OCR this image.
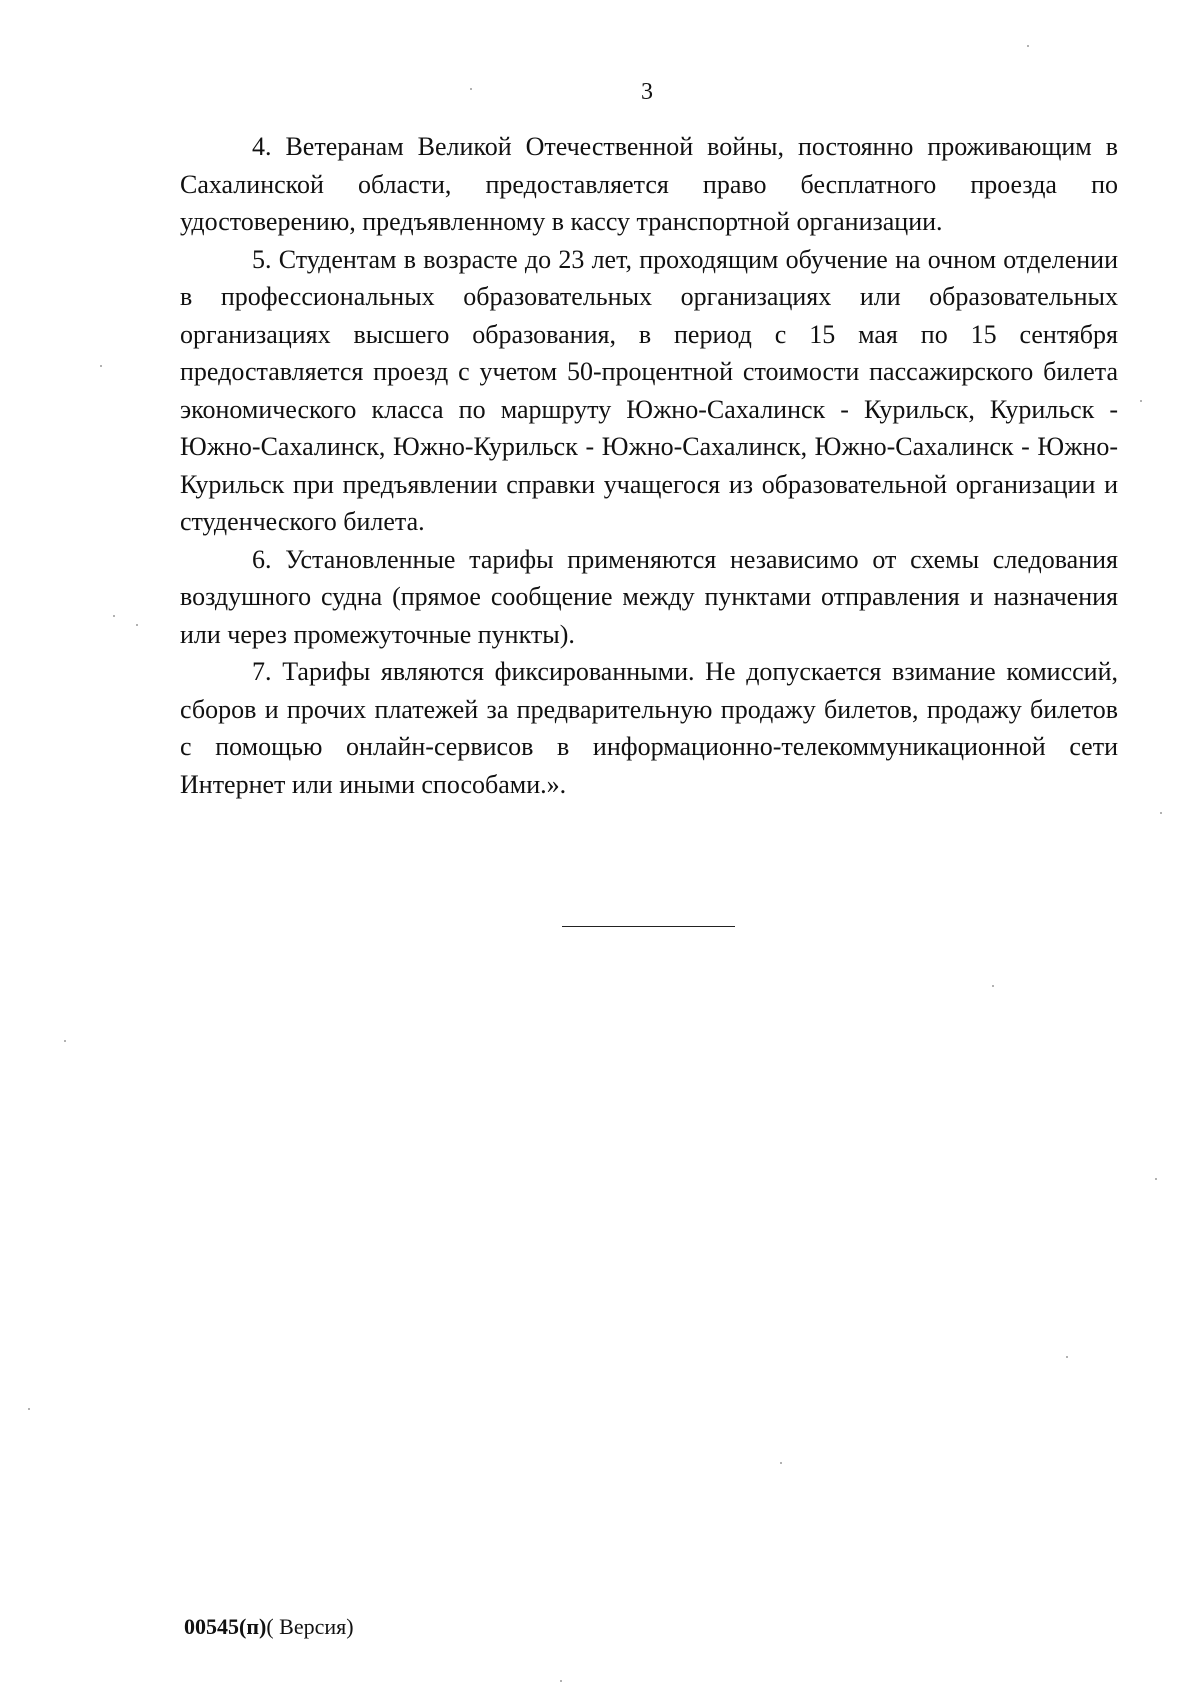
3

4. Ветеранам Великой Отечественной войны, постоянно проживающим в Сахалинской области, предоставляется право бесплатного проезда по удостоверению, предъявленному в кассу транспортной организации.

5. Студентам в возрасте до 23 лет, проходящим обучение на очном отделении в профессиональных образовательных организациях или образовательных организациях высшего образования, в период с 15 мая по 15 сентября предоставляется проезд с учетом 50-процентной стоимости пассажирского билета экономического класса по маршруту Южно-Сахалинск - Курильск, Курильск - Южно-Сахалинск, Южно-Курильск - Южно-Сахалинск, Южно-Сахалинск - Южно-Курильск при предъявлении справки учащегося из образовательной организации и студенческого билета.

6. Установленные тарифы применяются независимо от схемы следования воздушного судна (прямое сообщение между пунктами отправления и назначения или через промежуточные пункты).

7. Тарифы являются фиксированными. Не допускается взимание комиссий, сборов и прочих платежей за предварительную продажу билетов, продажу билетов с помощью онлайн-сервисов в информационно-телекоммуникационной сети Интернет или иными способами.».

00545(п)( Версия)
